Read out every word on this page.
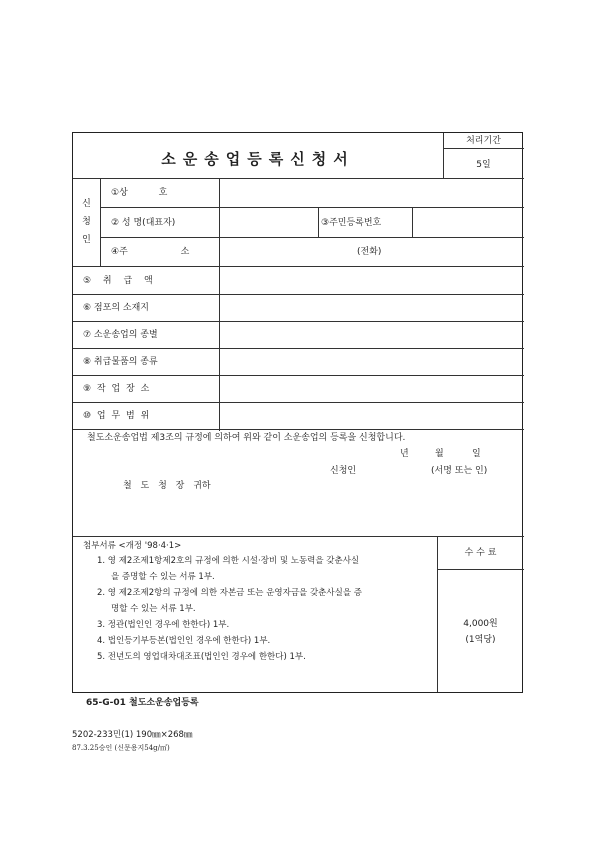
소운송업등록신청서
처리기간
5일
신
청
인
①상 호
② 성 명(대표자)	③주민등록번호
④주 소	(전화)
⑤ 취 급 액
⑥ 점포의 소재지
⑦ 소운송업의 종별
⑧ 취급물품의 종류
⑨ 작 업 장 소
⑩ 업 무 범 위
철도소운송업법 제3조의 규정에 의하여 위와 같이 소운송업의 등록을 신청합니다.
년	월	일
신청인	(서명 또는 인)
철 도 청 장 귀하
첨부서류 <개정 '98·4·1>
1. 영 제2조제1항제2호의 규정에 의한 시설·장비 및 노동력을 갖춘사실
을 증명할 수 있는 서류 1부.
2. 영 제2조제2항의 규정에 의한 자본금 또는 운영자금을 갖춘사실을 증
명할 수 있는 서류 1부.
3. 정관(법인인 경우에 한한다) 1부.
4. 법인등기부등본(법인인 경우에 한한다) 1부.
5. 전년도의 영업대차대조표(법인인 경우에 한한다) 1부.
수 수 료
4,000원
(1역당)
65-G-01 철도소운송업등록
5202-233민(1) 190㎜×268㎜
87.3.25승인 (신문용지54g/㎡)
